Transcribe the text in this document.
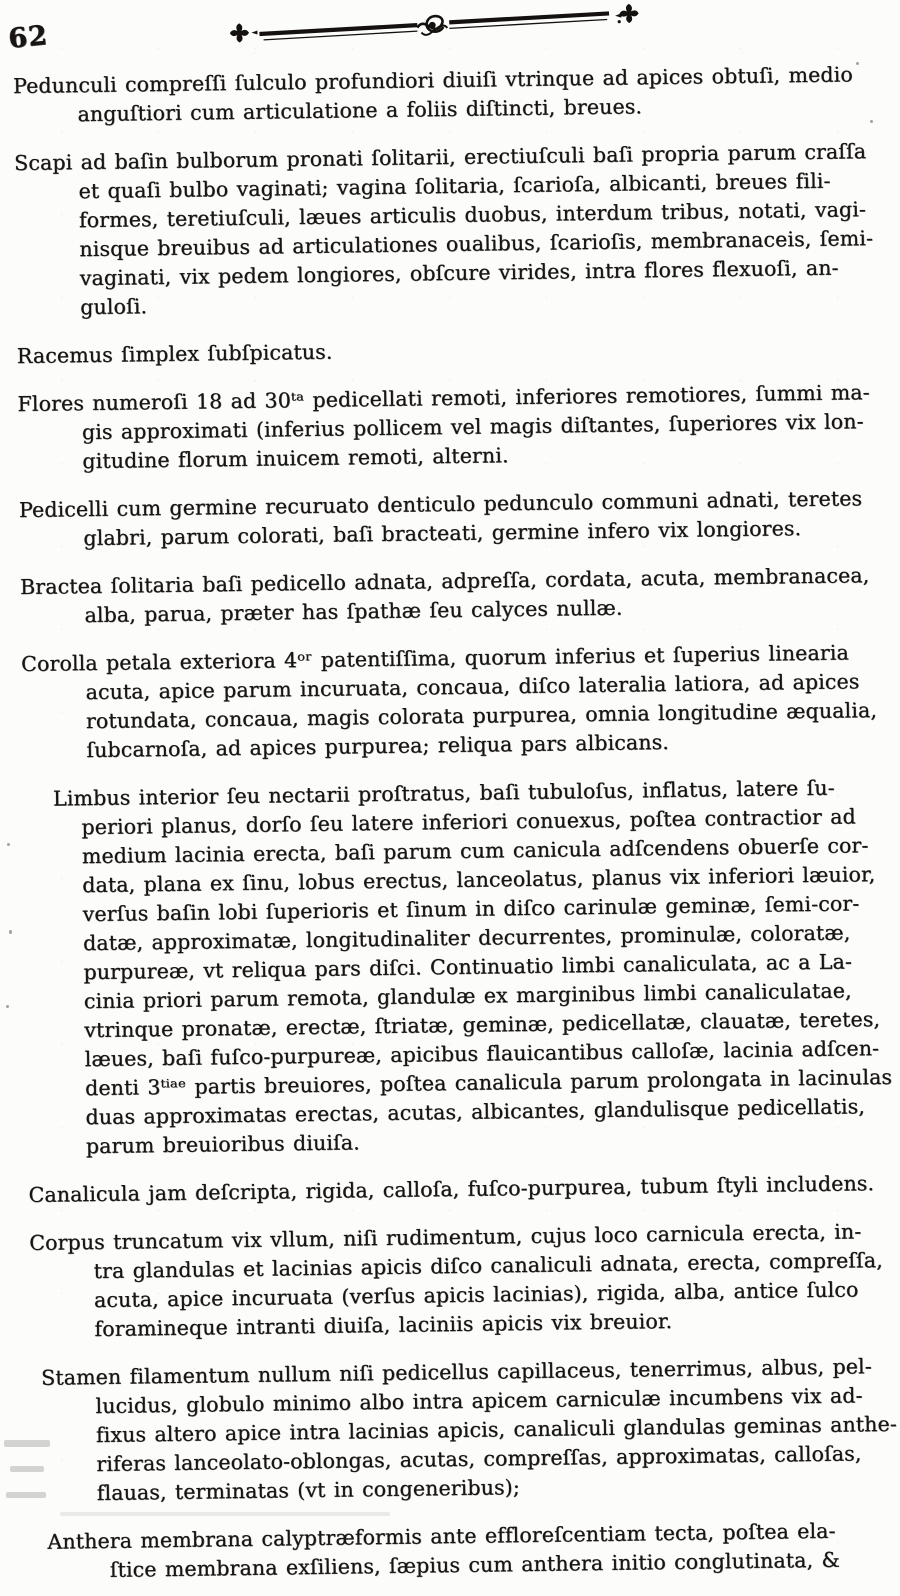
62

Pedunculi compreſſi ſulculo profundiori diuiſi vtrinque ad apices obtuſi, medio
anguſtiori cum articulatione a foliis diſtincti, breues.

Scapi ad baſin bulborum pronati ſolitarii, erectiuſculi baſi propria parum craſſa
et quaſi bulbo vaginati; vagina ſolitaria, ſcarioſa, albicanti, breues fili-
formes, teretiuſculi, læues articulis duobus, interdum tribus, notati, vagi-
nisque breuibus ad articulationes oualibus, ſcarioſis, membranaceis, ſemi-
vaginati, vix pedem longiores, obſcure virides, intra flores flexuoſi, an-
guloſi.

Racemus ſimplex ſubſpicatus.

Flores numeroſi 18 ad 30ᵗᵃ pedicellati remoti, inferiores remotiores, ſummi ma-
gis approximati (inferius pollicem vel magis diſtantes, ſuperiores vix lon-
gitudine florum inuicem remoti, alterni.

Pedicelli cum germine recuruato denticulo pedunculo communi adnati, teretes
glabri, parum colorati, baſi bracteati, germine infero vix longiores.

Bractea ſolitaria baſi pedicello adnata, adpreſſa, cordata, acuta, membranacea,
alba, parua, præter has ſpathæ ſeu calyces nullæ.

Corolla petala exteriora 4ᵒʳ patentiſſima, quorum inferius et ſuperius linearia
acuta, apice parum incuruata, concaua, diſco lateralia latiora, ad apices
rotundata, concaua, magis colorata purpurea, omnia longitudine æqualia,
ſubcarnoſa, ad apices purpurea; reliqua pars albicans.

Limbus interior ſeu nectarii proſtratus, baſi tubuloſus, inflatus, latere ſu-
periori planus, dorſo ſeu latere inferiori conuexus, poſtea contractior ad
medium lacinia erecta, baſi parum cum canicula adſcendens obuerſe cor-
data, plana ex ſinu, lobus erectus, lanceolatus, planus vix inferiori læuior,
verſus baſin lobi ſuperioris et ſinum in diſco carinulæ geminæ, ſemi-cor-
datæ, approximatæ, longitudinaliter decurrentes, prominulæ, coloratæ,
purpureæ, vt reliqua pars diſci. Continuatio limbi canaliculata, ac a La-
cinia priori parum remota, glandulæ ex marginibus limbi canaliculatae,
vtrinque pronatæ, erectæ, ſtriatæ, geminæ, pedicellatæ, clauatæ, teretes,
læues, baſi fuſco-purpureæ, apicibus flauicantibus calloſæ, lacinia adſcen-
denti 3ᵗⁱᵃᵉ partis breuiores, poſtea canalicula parum prolongata in lacinulas
duas approximatas erectas, acutas, albicantes, glandulisque pedicellatis,
parum breuioribus diuiſa.

Canalicula jam deſcripta, rigida, calloſa, fuſco-purpurea, tubum ſtyli includens.

Corpus truncatum vix vllum, niſi rudimentum, cujus loco carnicula erecta, in-
tra glandulas et lacinias apicis diſco canaliculi adnata, erecta, compreſſa,
acuta, apice incuruata (verſus apicis lacinias), rigida, alba, antice ſulco
foramineque intranti diuiſa, laciniis apicis vix breuior.

Stamen filamentum nullum niſi pedicellus capillaceus, tenerrimus, albus, pel-
lucidus, globulo minimo albo intra apicem carniculæ incumbens vix ad-
fixus altero apice intra lacinias apicis, canaliculi glandulas geminas anthe-
riferas lanceolato-oblongas, acutas, compreſſas, approximatas, calloſas,
flauas, terminatas (vt in congeneribus);

Anthera membrana calyptræformis ante effloreſcentiam tecta, poſtea ela-
ſtice membrana exſiliens, ſæpius cum anthera initio conglutinata, &
